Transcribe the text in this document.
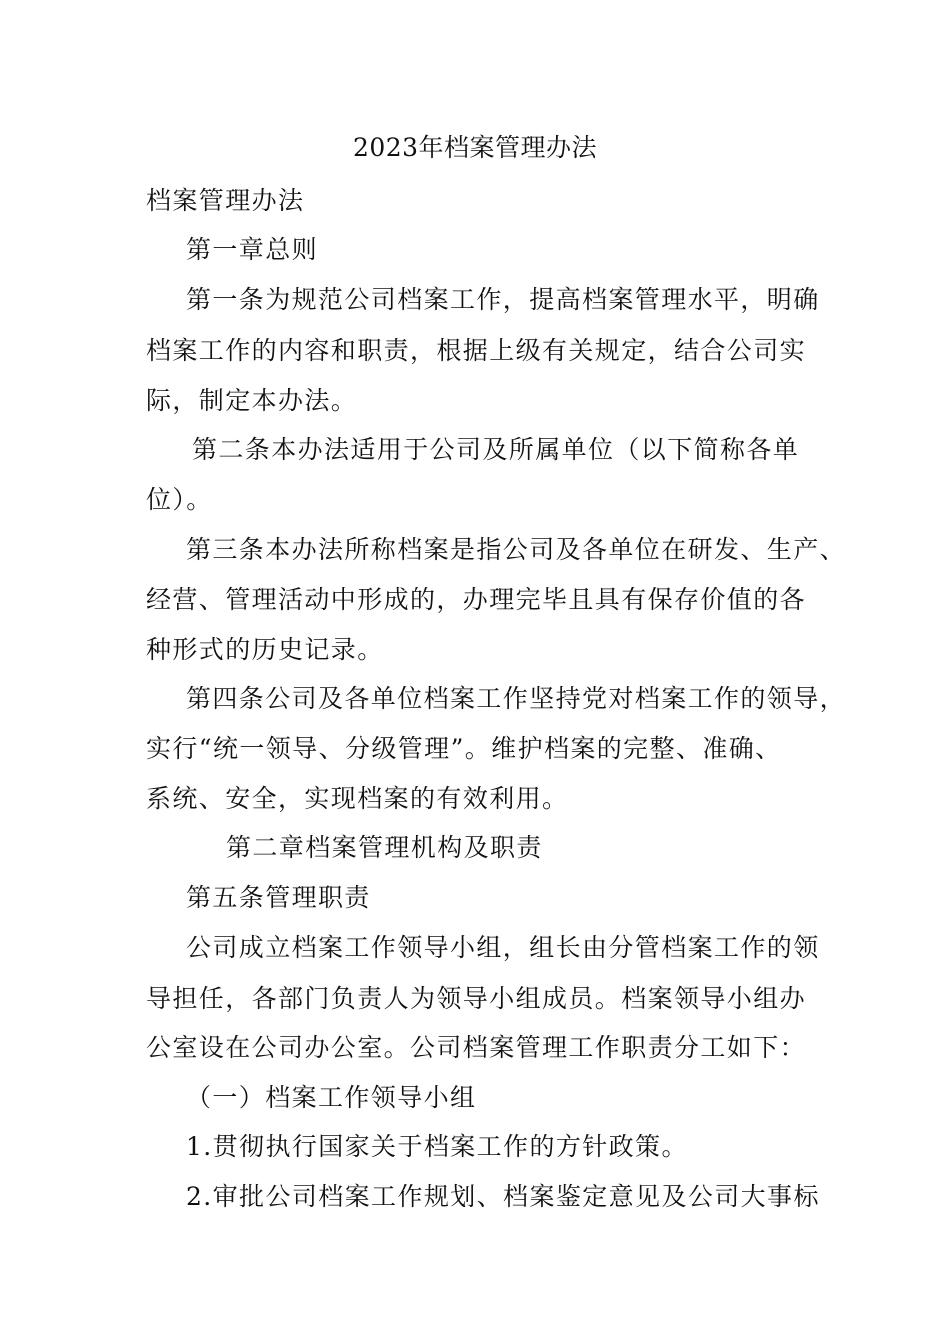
2023年档案管理办法
档案管理办法
第一章总则
第一条为规范公司档案工作，提高档案管理水平，明确
档案工作的内容和职责，根据上级有关规定，结合公司实
际，制定本办法。
第二条本办法适用于公司及所属单位（以下简称各单
位）。
第三条本办法所称档案是指公司及各单位在研发、生产、
经营、管理活动中形成的，办理完毕且具有保存价值的各
种形式的历史记录。
第四条公司及各单位档案工作坚持党对档案工作的领导，
实行“统一领导、分级管理”。维护档案的完整、准确、
系统、安全，实现档案的有效利用。
第二章档案管理机构及职责
第五条管理职责
公司成立档案工作领导小组，组长由分管档案工作的领
导担任，各部门负责人为领导小组成员。档案领导小组办
公室设在公司办公室。公司档案管理工作职责分工如下：
（一）档案工作领导小组
1.贯彻执行国家关于档案工作的方针政策。
2.审批公司档案工作规划、档案鉴定意见及公司大事标
